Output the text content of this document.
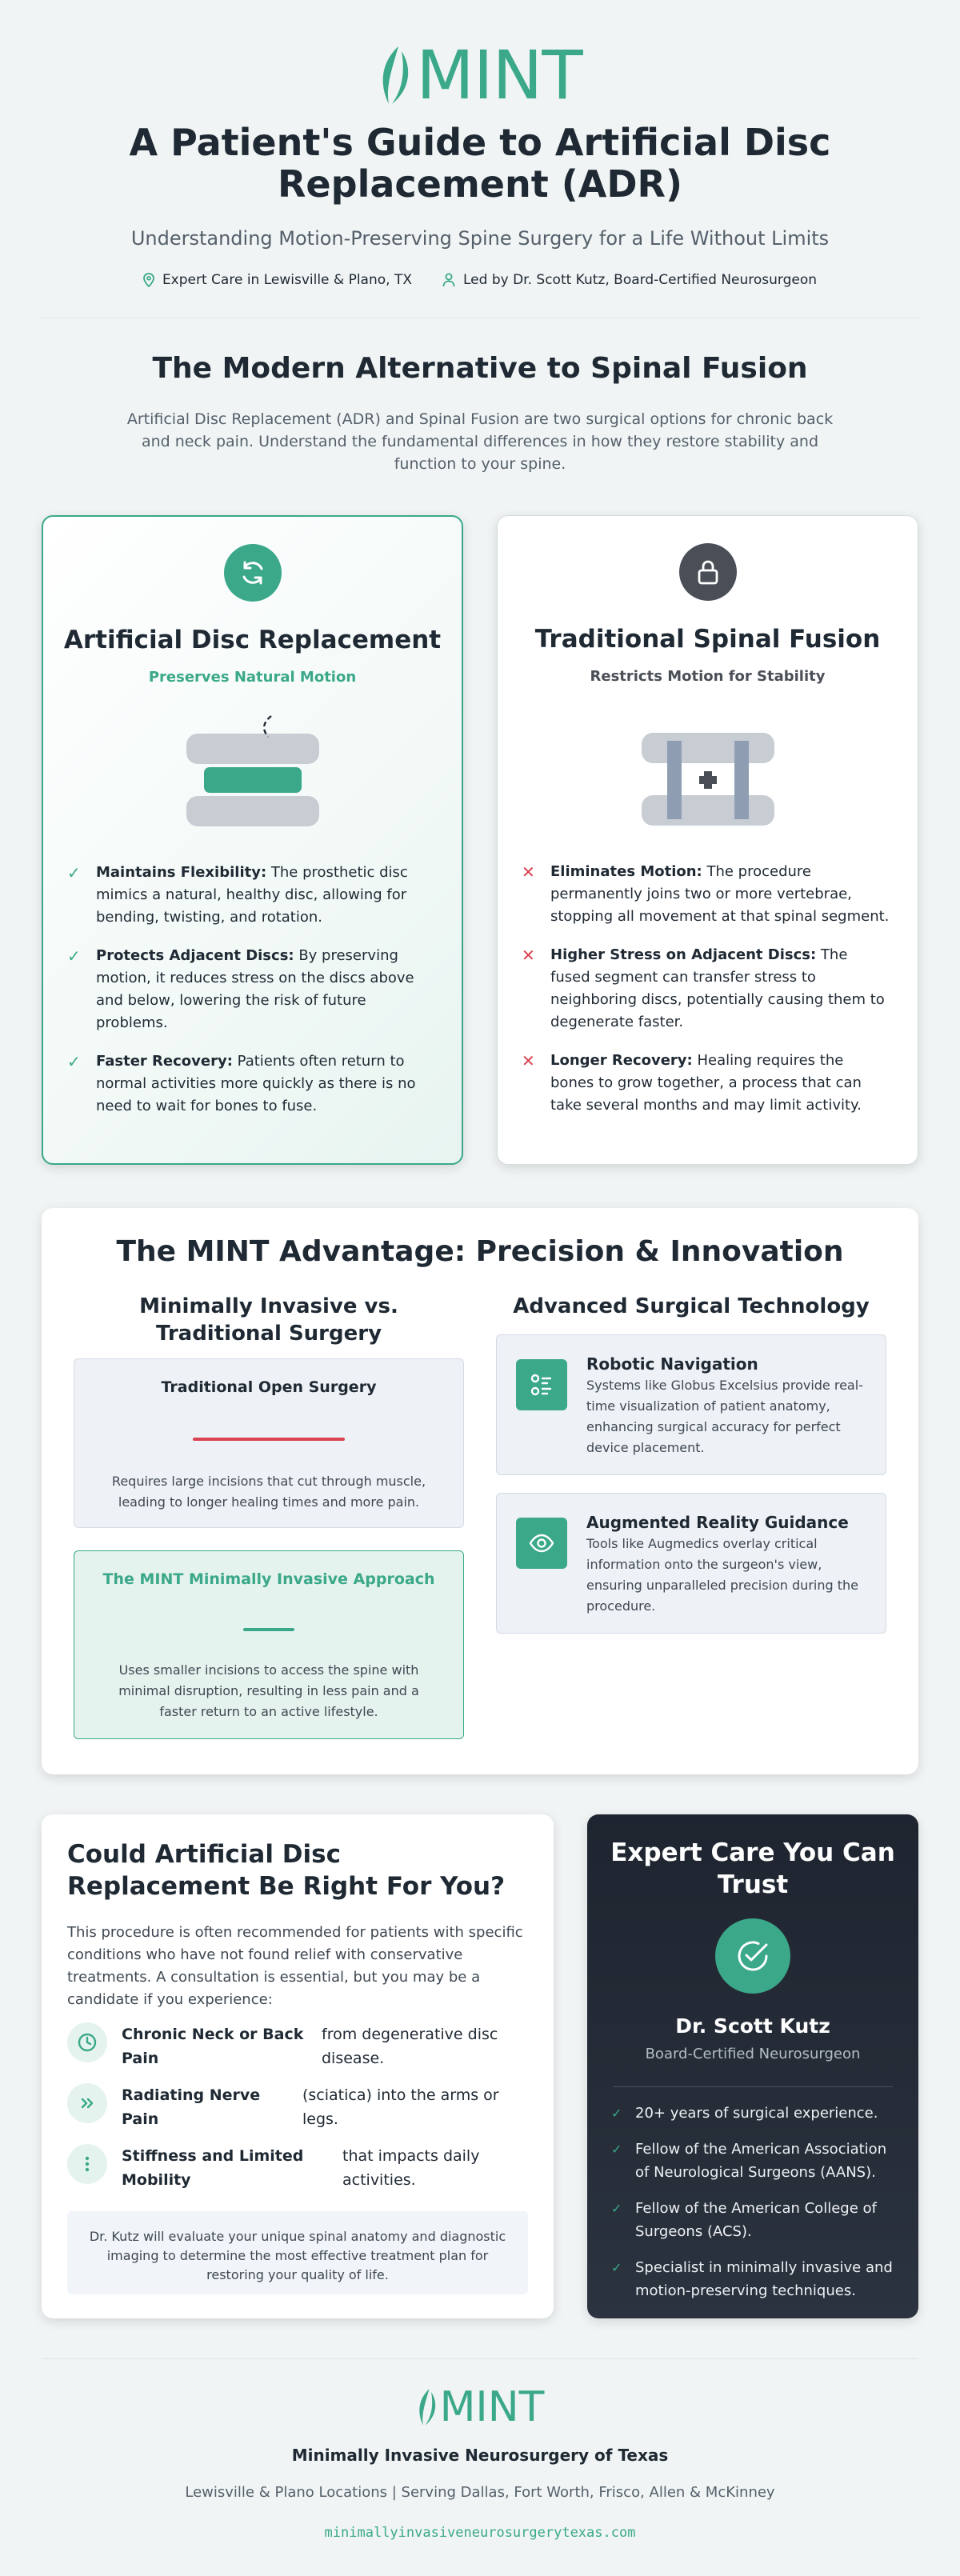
MINT
A Patient's Guide to Artificial Disc Replacement (ADR)
Understanding Motion-Preserving Spine Surgery for a Life Without Limits
Expert Care in Lewisville & Plano, TX	Led by Dr. Scott Kutz, Board-Certified Neurosurgeon
The Modern Alternative to Spinal Fusion

Artificial Disc Replacement (ADR) and Spinal Fusion are two surgical options for chronic back and neck pain. Understand the fundamental differences in how they restore stability and function to your spine.

Artificial Disc Replacement
Preserves Natural Motion
✓ Maintains Flexibility: The prosthetic disc mimics a natural, healthy disc, allowing for bending, twisting, and rotation.
✓ Protects Adjacent Discs: By preserving motion, it reduces stress on the discs above and below, lowering the risk of future problems.
✓ Faster Recovery: Patients often return to normal activities more quickly as there is no need to wait for bones to fuse.
Traditional Spinal Fusion
Restricts Motion for Stability
✕ Eliminates Motion: The procedure permanently joins two or more vertebrae, stopping all movement at that spinal segment.
✕ Higher Stress on Adjacent Discs: The fused segment can transfer stress to neighboring discs, potentially causing them to degenerate faster.
✕ Longer Recovery: Healing requires the bones to grow together, a process that can take several months and may limit activity.
The MINT Advantage: Precision & Innovation
Minimally Invasive vs. Traditional Surgery
Advanced Surgical Technology
Traditional Open Surgery
Requires large incisions that cut through muscle, leading to longer healing times and more pain.
The MINT Minimally Invasive Approach
Uses smaller incisions to access the spine with minimal disruption, resulting in less pain and a faster return to an active lifestyle.
Robotic Navigation
Systems like Globus Excelsius provide real-time visualization of patient anatomy, enhancing surgical accuracy for perfect device placement.
Augmented Reality Guidance
Tools like Augmedics overlay critical information onto the surgeon's view, ensuring unparalleled precision during the procedure.
Could Artificial Disc Replacement Be Right For You?
This procedure is often recommended for patients with specific conditions who have not found relief with conservative treatments. A consultation is essential, but you may be a candidate if you experience:
Chronic Neck or Back Pain
from degenerative disc disease.
Radiating Nerve Pain
(sciatica) into the arms or legs.
Stiffness and Limited Mobility
that impacts daily activities.
Dr. Kutz will evaluate your unique spinal anatomy and diagnostic imaging to determine the most effective treatment plan for restoring your quality of life.
Expert Care You Can Trust
Dr. Scott Kutz
Board-Certified Neurosurgeon
✓ 20+ years of surgical experience.
✓ Fellow of the American Association of Neurological Surgeons (AANS).
✓ Fellow of the American College of Surgeons (ACS).
✓ Specialist in minimally invasive and motion-preserving techniques.
MINT
Minimally Invasive Neurosurgery of Texas
Lewisville & Plano Locations | Serving Dallas, Fort Worth, Frisco, Allen & McKinney
minimallyinvasiveneurosurgerytexas.com
